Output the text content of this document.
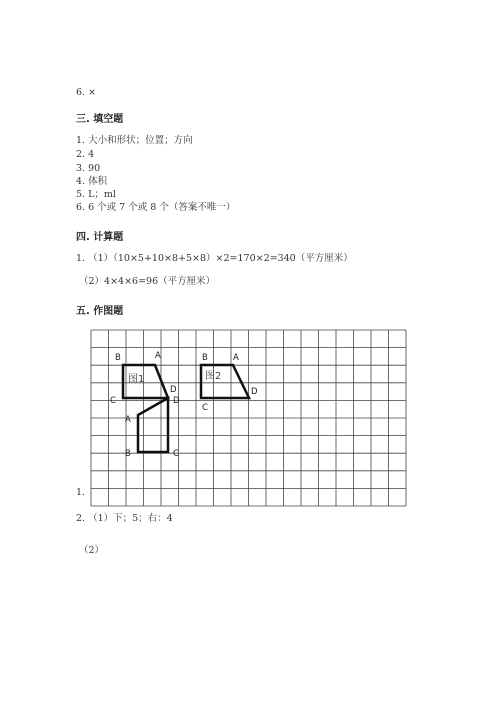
6. ×
三. 填空题
1. 大小和形状；位置；方向
2. 4
3. 90
4. 体积
5. L；ml
6. 6 个或 7 个或 8 个（答案不唯一）
四. 计算题
1. （1）（10×5+10×8+5×8）×2=170×2=340（平方厘米）
（2）4×4×6=96（平方厘米）
五. 作图题
B	A
C
D
D
A
B	C
B	A
C
D
图1	图2
1.
2. （1）下；5；右：4
（2）
